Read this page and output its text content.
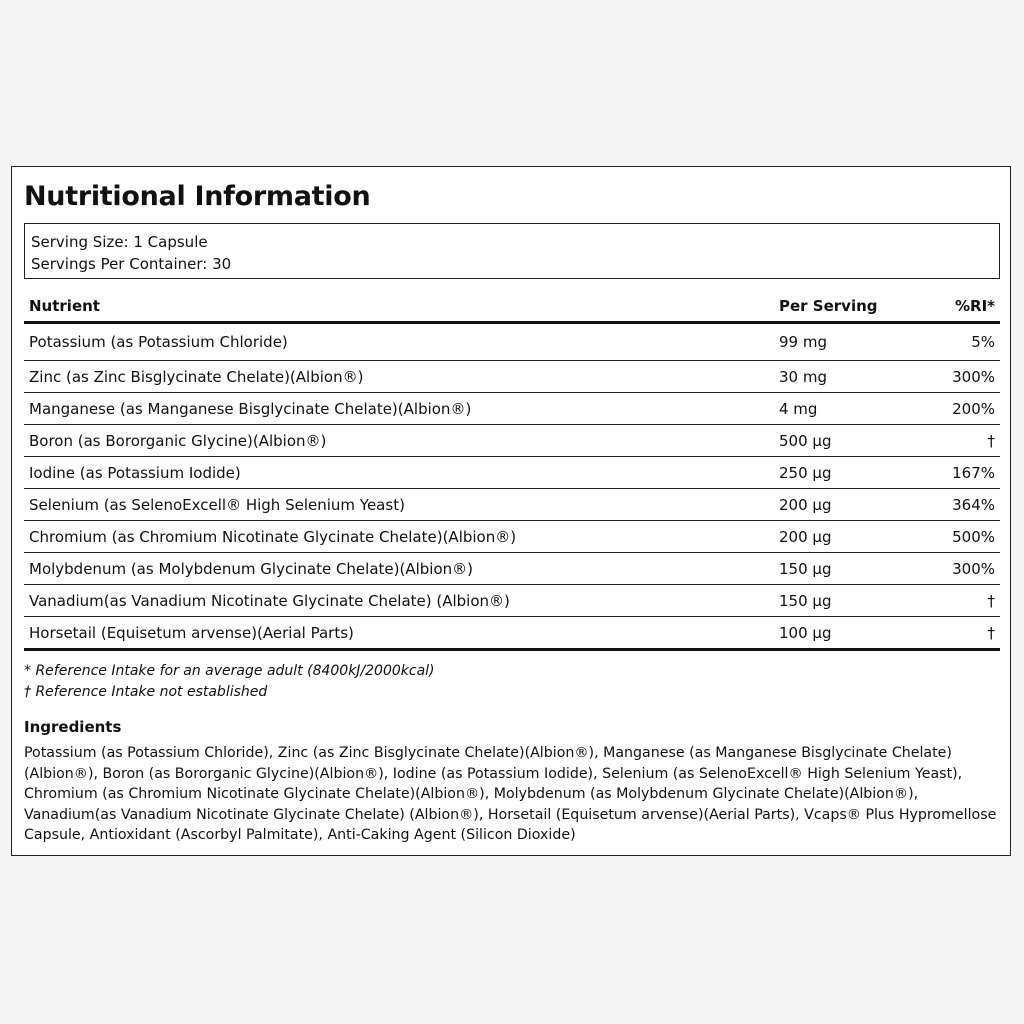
Nutritional Information
Serving Size: 1 Capsule
Servings Per Container: 30
Nutrient	Per Serving	%RI*
Potassium (as Potassium Chloride)	99 mg	5%
Zinc (as Zinc Bisglycinate Chelate)(Albion®)	30 mg	300%
Manganese (as Manganese Bisglycinate Chelate)(Albion®)	4 mg	200%
Boron (as Bororganic Glycine)(Albion®)	500 µg	†
Iodine (as Potassium Iodide)	250 µg	167%
Selenium (as SelenoExcell® High Selenium Yeast)	200 µg	364%
Chromium (as Chromium Nicotinate Glycinate Chelate)(Albion®)	200 µg	500%
Molybdenum (as Molybdenum Glycinate Chelate)(Albion®)	150 µg	300%
Vanadium(as Vanadium Nicotinate Glycinate Chelate) (Albion®)	150 µg	†
Horsetail (Equisetum arvense)(Aerial Parts)	100 µg	†
* Reference Intake for an average adult (8400kJ/2000kcal)
† Reference Intake not established
Ingredients

Potassium (as Potassium Chloride), Zinc (as Zinc Bisglycinate Chelate)(Albion®), Manganese (as Manganese Bisglycinate Chelate)(Albion®), Boron (as Bororganic Glycine)(Albion®), Iodine (as Potassium Iodide), Selenium (as SelenoExcell® High Selenium Yeast), Chromium (as Chromium Nicotinate Glycinate Chelate)(Albion®), Molybdenum (as Molybdenum Glycinate Chelate)(Albion®), Vanadium(as Vanadium Nicotinate Glycinate Chelate) (Albion®), Horsetail (Equisetum arvense)(Aerial Parts), Vcaps® Plus Hypromellose Capsule, Antioxidant (Ascorbyl Palmitate), Anti-Caking Agent (Silicon Dioxide)
